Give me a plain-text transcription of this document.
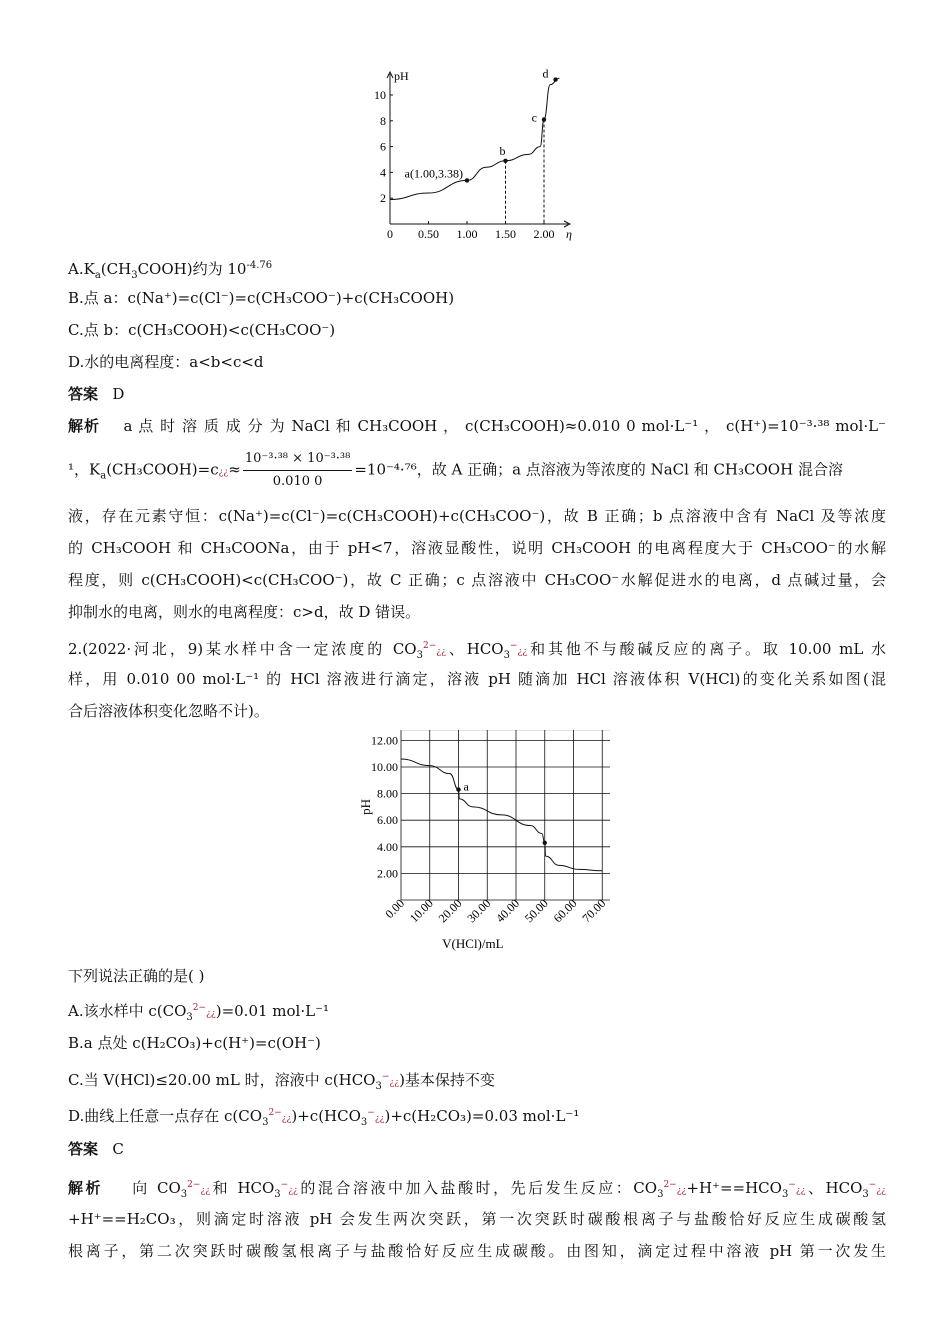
pH
η
0 0.50 1.00 1.50 2.00
2
4
6
8
10
a(1.00,3.38)
b
c
d
$A.K_a(CH_3COOH)$约为 $10^{-4.76}$
B.点 a：c(Na⁺)=c(Cl⁻)=c(CH₃COO⁻)+c(CH₃COOH)
C.点 b：c(CH₃COOH)<c(CH₃COO⁻)
D.水的电离程度：a<b<c<d
答案 D
解析 a 点 时 溶 质 成 分 为 NaCl 和 CH₃COOH ， c(CH₃COOH)≈0.010 0 mol·L⁻¹ ， c(H⁺)=10⁻³·³⁸ mol·L⁻
¹，$K_a(CH_3COOH)=c¿¿\approx \frac{\text{10⁻³·³⁸ × 10⁻³·³⁸}}{0.010 0} =10^{-4}\cdot^{76}$，故 A 正确；a 点溶液为等浓度的 NaCl 和 CH₃COOH 混合溶
液，存在元素守恒：c(Na⁺)=c(Cl⁻)=c(CH₃COOH)+c(CH₃COO⁻)，故 B 正确；b 点溶液中含有 NaCl 及等浓度
的 CH₃COOH 和 CH₃COONa，由于 pH<7，溶液显酸性，说明 CH₃COOH 的电离程度大于 CH₃COO⁻的水解
程度，则 c(CH₃COOH)<c(CH₃COO⁻)，故 C 正确；c 点溶液中 CH₃COO⁻水解促进水的电离，d 点碱过量，会
抑制水的电离，则水的电离程度：c>d，故 D 错误。
2.(2022·河北，9)某水样中含一定浓度的 $CO_3^{2-}¿¿$、$HCO_3^-¿¿$和其他不与酸碱反应的离子。取 10.00 mL 水
样，用 0.010 00 mol·L⁻¹ 的 HCl 溶液进行滴定，溶液 pH 随滴加 HCl 溶液体积 V(HCl)的变化关系如图(混
合后溶液体积变化忽略不计)。
2.00
4.00
6.00
8.00
10.00
12.00
pH
0.00 10.00 20.00 30.00 40.00 50.00 60.00 70.00
V(HCl)/mL
a
下列说法正确的是( )
A.该水样中 $c(CO_3^{2-}¿¿)=0.01$ mol·L⁻¹
B.a 点处 c(H₂CO₃)+c(H⁺)=c(OH⁻)
C.当 V(HCl)≤20.00 mL 时，溶液中 $c(HCO_3^-¿¿)$基本保持不变
D.曲线上任意一点存在 $c(CO_3^{2-}¿¿)+c(HCO_3^-¿¿)+c(H_2CO_3)=0.03$ mol·L⁻¹
答案 C
解析 向 $CO_3^{2-}¿¿$和 $HCO_3^-¿¿$的混合溶液中加入盐酸时，先后发生反应：$CO_3^{2-}¿¿+H^+==HCO_3^-¿¿$、$HCO_3^-¿¿$
+H⁺==H₂CO₃，则滴定时溶液 pH 会发生两次突跃，第一次突跃时碳酸根离子与盐酸恰好反应生成碳酸氢
根离子，第二次突跃时碳酸氢根离子与盐酸恰好反应生成碳酸。由图知，滴定过程中溶液 pH 第一次发生
